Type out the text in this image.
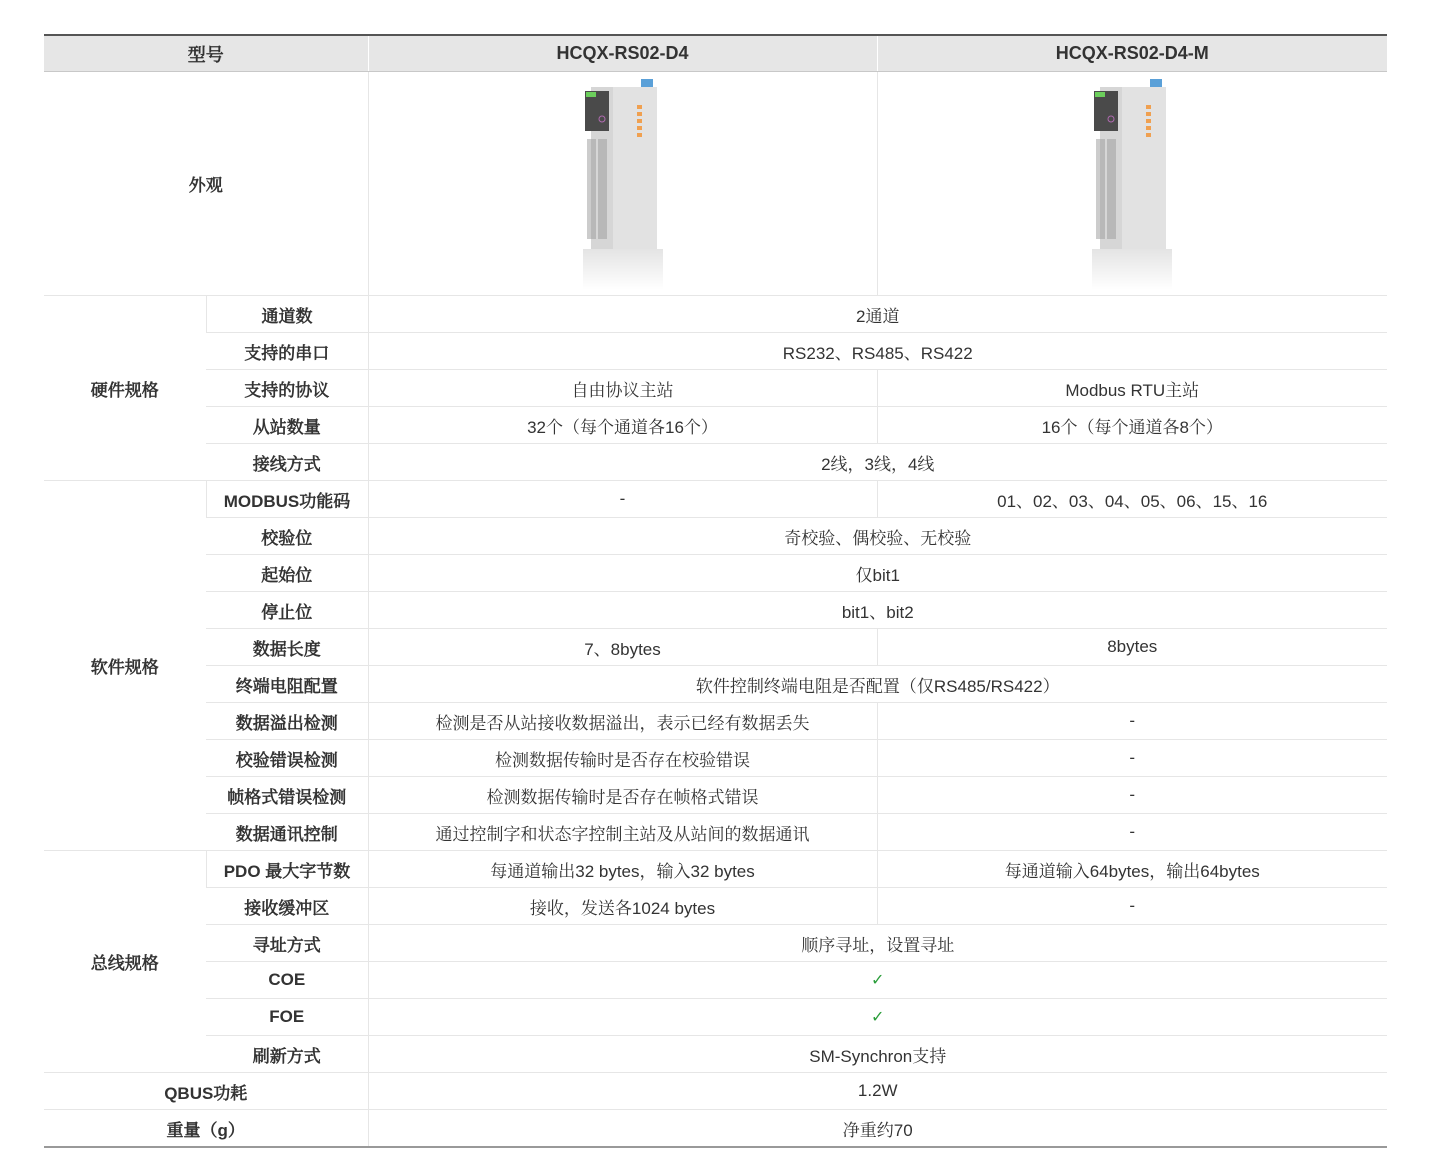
型号		HCQX-RS02-D4	HCQX-RS02-D4-M
外观	

硬件规格	通道数	2通道	
	支持的串口	RS232、RS485、RS422	
	支持的协议	自由协议主站	Modbus RTU主站
	从站数量	32个（每个通道各16个）	16个（每个通道各8个）
	接线方式	2线，3线，4线	
软件规格	MODBUS功能码	-	01、02、03、04、05、06、15、16
	校验位	奇校验、偶校验、无校验	
	起始位	仅bit1	
	停止位	bit1、bit2	
	数据长度	7、8bytes	8bytes
	终端电阻配置	软件控制终端电阻是否配置（仅RS485/RS422）	
	数据溢出检测	检测是否从站接收数据溢出，表示已经有数据丢失	-
	校验错误检测	检测数据传输时是否存在校验错误	-
	帧格式错误检测	检测数据传输时是否存在帧格式错误	-
	数据通讯控制	通过控制字和状态字控制主站及从站间的数据通讯	-
总线规格	PDO 最大字节数	每通道输出32 bytes，输入32 bytes	每通道输入64bytes，输出64bytes
	接收缓冲区	接收，发送各1024 bytes	-
	寻址方式	顺序寻址，设置寻址	
	COE	✓	
	FOE	✓	
	刷新方式	SM-Synchron支持	
QBUS功耗		1.2W	
重量（g）		净重约70	
